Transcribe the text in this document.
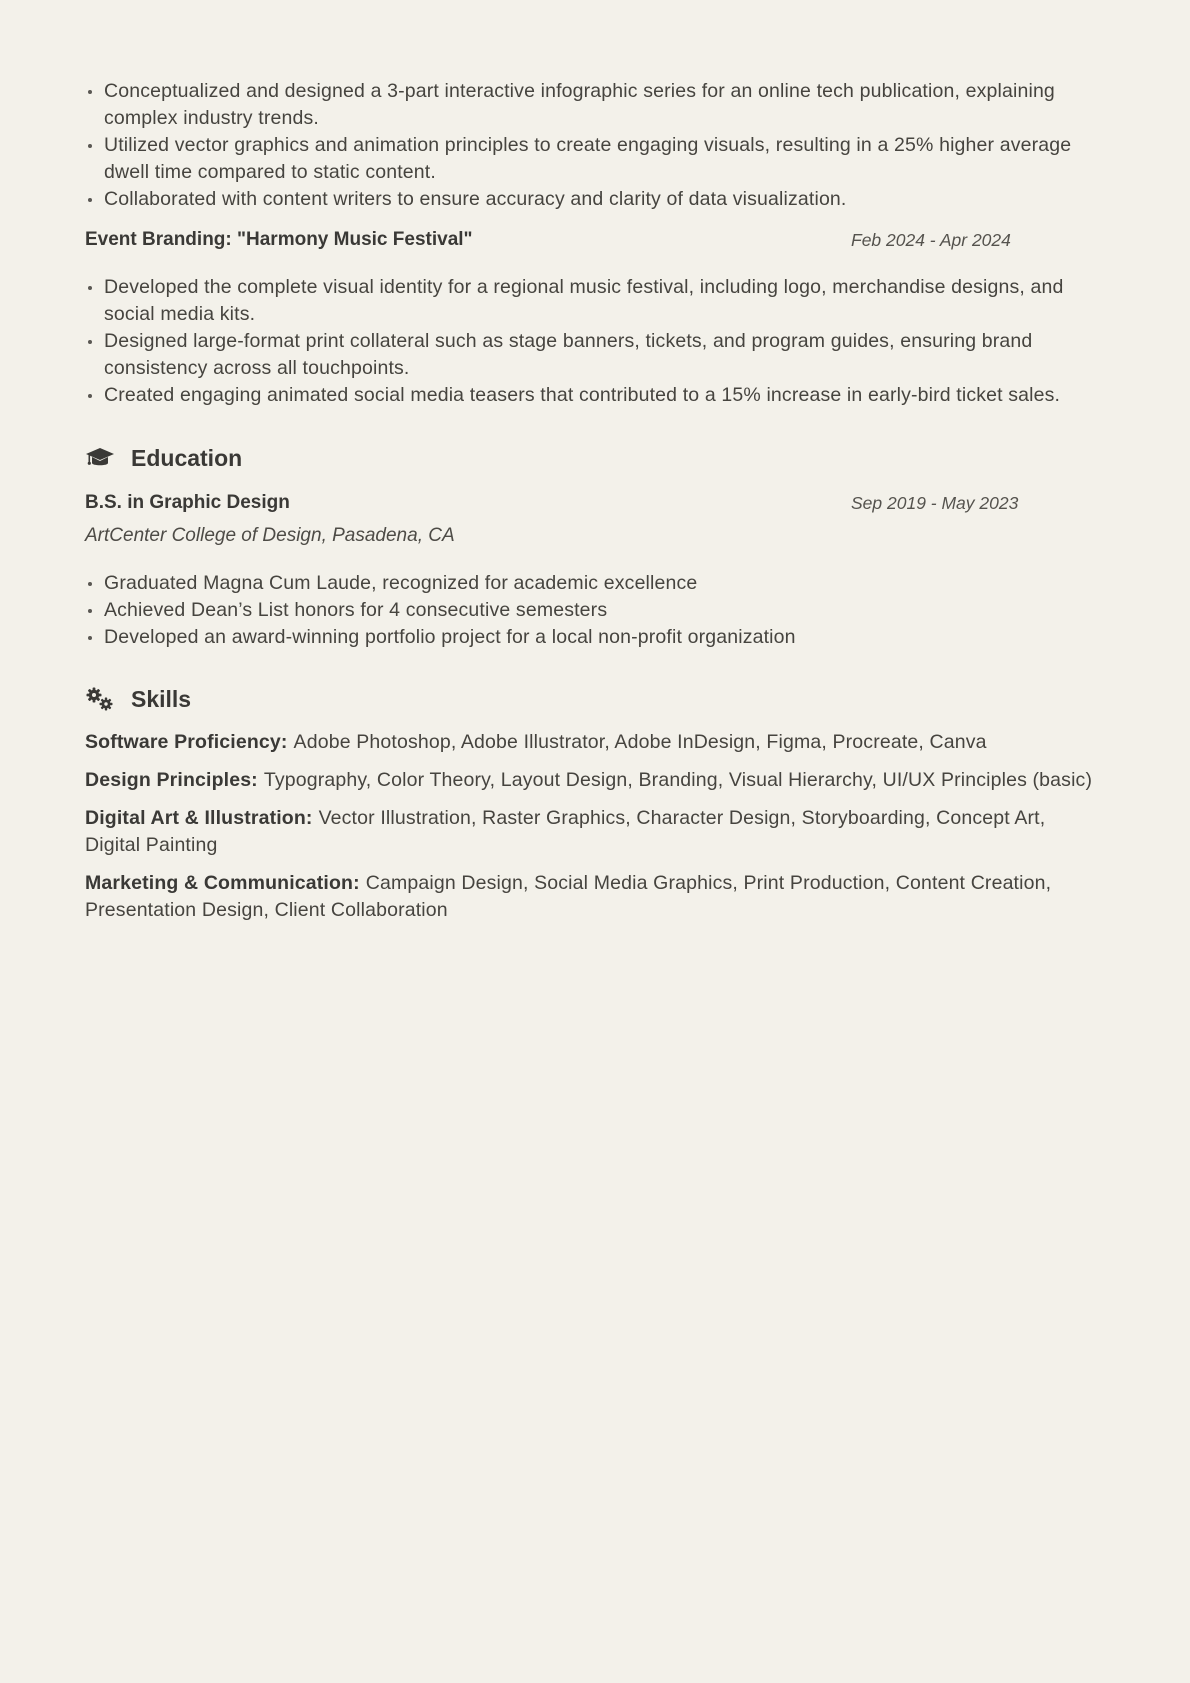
Conceptualized and designed a 3-part interactive infographic series for an online tech publication, explaining complex industry trends.
Utilized vector graphics and animation principles to create engaging visuals, resulting in a 25% higher average dwell time compared to static content.
Collaborated with content writers to ensure accuracy and clarity of data visualization.
Event Branding: "Harmony Music Festival"	Feb 2024 - Apr 2024
Developed the complete visual identity for a regional music festival, including logo, merchandise designs, and social media kits.
Designed large-format print collateral such as stage banners, tickets, and program guides, ensuring brand consistency across all touchpoints.
Created engaging animated social media teasers that contributed to a 15% increase in early-bird ticket sales.
Education
B.S. in Graphic Design	Sep 2019 - May 2023
ArtCenter College of Design, Pasadena, CA
Graduated Magna Cum Laude, recognized for academic excellence
Achieved Dean’s List honors for 4 consecutive semesters
Developed an award-winning portfolio project for a local non-profit organization
Skills
Software Proficiency: Adobe Photoshop, Adobe Illustrator, Adobe InDesign, Figma, Procreate, Canva
Design Principles: Typography, Color Theory, Layout Design, Branding, Visual Hierarchy, UI/UX Principles (basic)
Digital Art & Illustration: Vector Illustration, Raster Graphics, Character Design, Storyboarding, Concept Art, Digital Painting
Marketing & Communication: Campaign Design, Social Media Graphics, Print Production, Content Creation, Presentation Design, Client Collaboration
